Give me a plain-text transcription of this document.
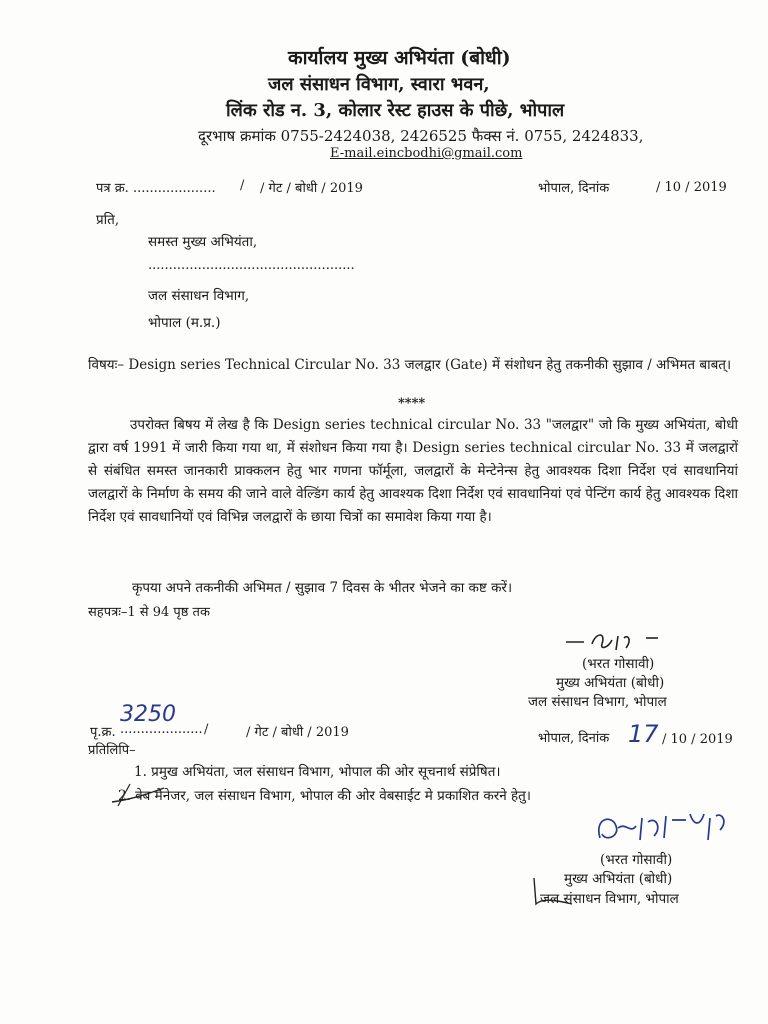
कार्यालय मुख्य अभियंता (बोधी)
जल संसाधन विभाग, स्वारा भवन,
लिंक रोड न. 3, कोलार रेस्ट हाउस के पीछे, भोपाल
दूरभाष क्रमांक 0755-2424038, 2426525 फैक्स नं. 0755, 2424833,
E-mail.eincbodhi@gmail.com
पत्र क्र. .................... / / गेट / बोधी / 2019	भोपाल, दिनांक	/ 10 / 2019
प्रति,
समस्त मुख्य अभियंता,
..................................................
जल संसाधन विभाग,
भोपाल (म.प्र.)
विषयः– Design series Technical Circular No. 33 जलद्वार (Gate) में संशोधन हेतु तकनीकी सुझाव / अभिमत बाबत्।
****
उपरोक्त बिषय में लेख है कि Design series technical circular No. 33 "जलद्वार" जो कि मुख्य अभियंता, बोधी द्वारा वर्ष 1991 में जारी किया गया था, में संशोधन किया गया है। Design series technical circular No. 33 में जलद्वारों से संबंधित समस्त जानकारी प्राक्कलन हेतु भार गणना फॉर्मूला, जलद्वारों के मेन्टेनेन्स हेतु आवश्यक दिशा निर्देश एवं सावधानियां जलद्वारों के निर्माण के समय की जाने वाले वेल्डिंग कार्य हेतु आवश्यक दिशा निर्देश एवं सावधानियां एवं पेन्टिंग कार्य हेतु आवश्यक दिशा निर्देश एवं सावधानियों एवं विभिन्न जलद्वारों के छाया चित्रों का समावेश किया गया है।
कृपया अपने तकनीकी अभिमत / सुझाव 7 दिवस के भीतर भेजने का कष्ट करें।
सहपत्रः–1 से 94 पृष्ठ तक
(भरत गोसावी)
मुख्य अभियंता (बोधी)
जल संसाधन विभाग, भोपाल
पृ.क्र.
3250
.................... /	/ गेट / बोधी / 2019
प्रतिलिपि–
भोपाल, दिनांक 17 / 10 / 2019
1. प्रमुख अभियंता, जल संसाधन विभाग, भोपाल की ओर सूचनार्थ संप्रेषित।
2. वेब मैनेजर, जल संसाधन विभाग, भोपाल की ओर वेबसाईट मे प्रकाशित करने हेतु।
(भरत गोसावी)
मुख्य अभियंता (बोधी)
जल संसाधन विभाग, भोपाल
